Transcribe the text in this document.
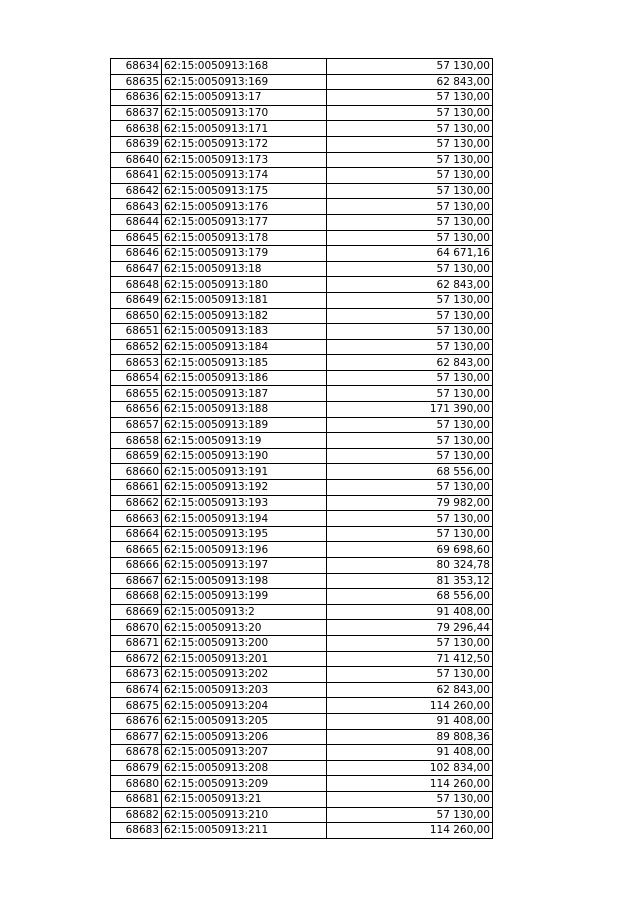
68634	62:15:0050913:168	57 130,00
68635	62:15:0050913:169	62 843,00
68636	62:15:0050913:17	57 130,00
68637	62:15:0050913:170	57 130,00
68638	62:15:0050913:171	57 130,00
68639	62:15:0050913:172	57 130,00
68640	62:15:0050913:173	57 130,00
68641	62:15:0050913:174	57 130,00
68642	62:15:0050913:175	57 130,00
68643	62:15:0050913:176	57 130,00
68644	62:15:0050913:177	57 130,00
68645	62:15:0050913:178	57 130,00
68646	62:15:0050913:179	64 671,16
68647	62:15:0050913:18	57 130,00
68648	62:15:0050913:180	62 843,00
68649	62:15:0050913:181	57 130,00
68650	62:15:0050913:182	57 130,00
68651	62:15:0050913:183	57 130,00
68652	62:15:0050913:184	57 130,00
68653	62:15:0050913:185	62 843,00
68654	62:15:0050913:186	57 130,00
68655	62:15:0050913:187	57 130,00
68656	62:15:0050913:188	171 390,00
68657	62:15:0050913:189	57 130,00
68658	62:15:0050913:19	57 130,00
68659	62:15:0050913:190	57 130,00
68660	62:15:0050913:191	68 556,00
68661	62:15:0050913:192	57 130,00
68662	62:15:0050913:193	79 982,00
68663	62:15:0050913:194	57 130,00
68664	62:15:0050913:195	57 130,00
68665	62:15:0050913:196	69 698,60
68666	62:15:0050913:197	80 324,78
68667	62:15:0050913:198	81 353,12
68668	62:15:0050913:199	68 556,00
68669	62:15:0050913:2	91 408,00
68670	62:15:0050913:20	79 296,44
68671	62:15:0050913:200	57 130,00
68672	62:15:0050913:201	71 412,50
68673	62:15:0050913:202	57 130,00
68674	62:15:0050913:203	62 843,00
68675	62:15:0050913:204	114 260,00
68676	62:15:0050913:205	91 408,00
68677	62:15:0050913:206	89 808,36
68678	62:15:0050913:207	91 408,00
68679	62:15:0050913:208	102 834,00
68680	62:15:0050913:209	114 260,00
68681	62:15:0050913:21	57 130,00
68682	62:15:0050913:210	57 130,00
68683	62:15:0050913:211	114 260,00
